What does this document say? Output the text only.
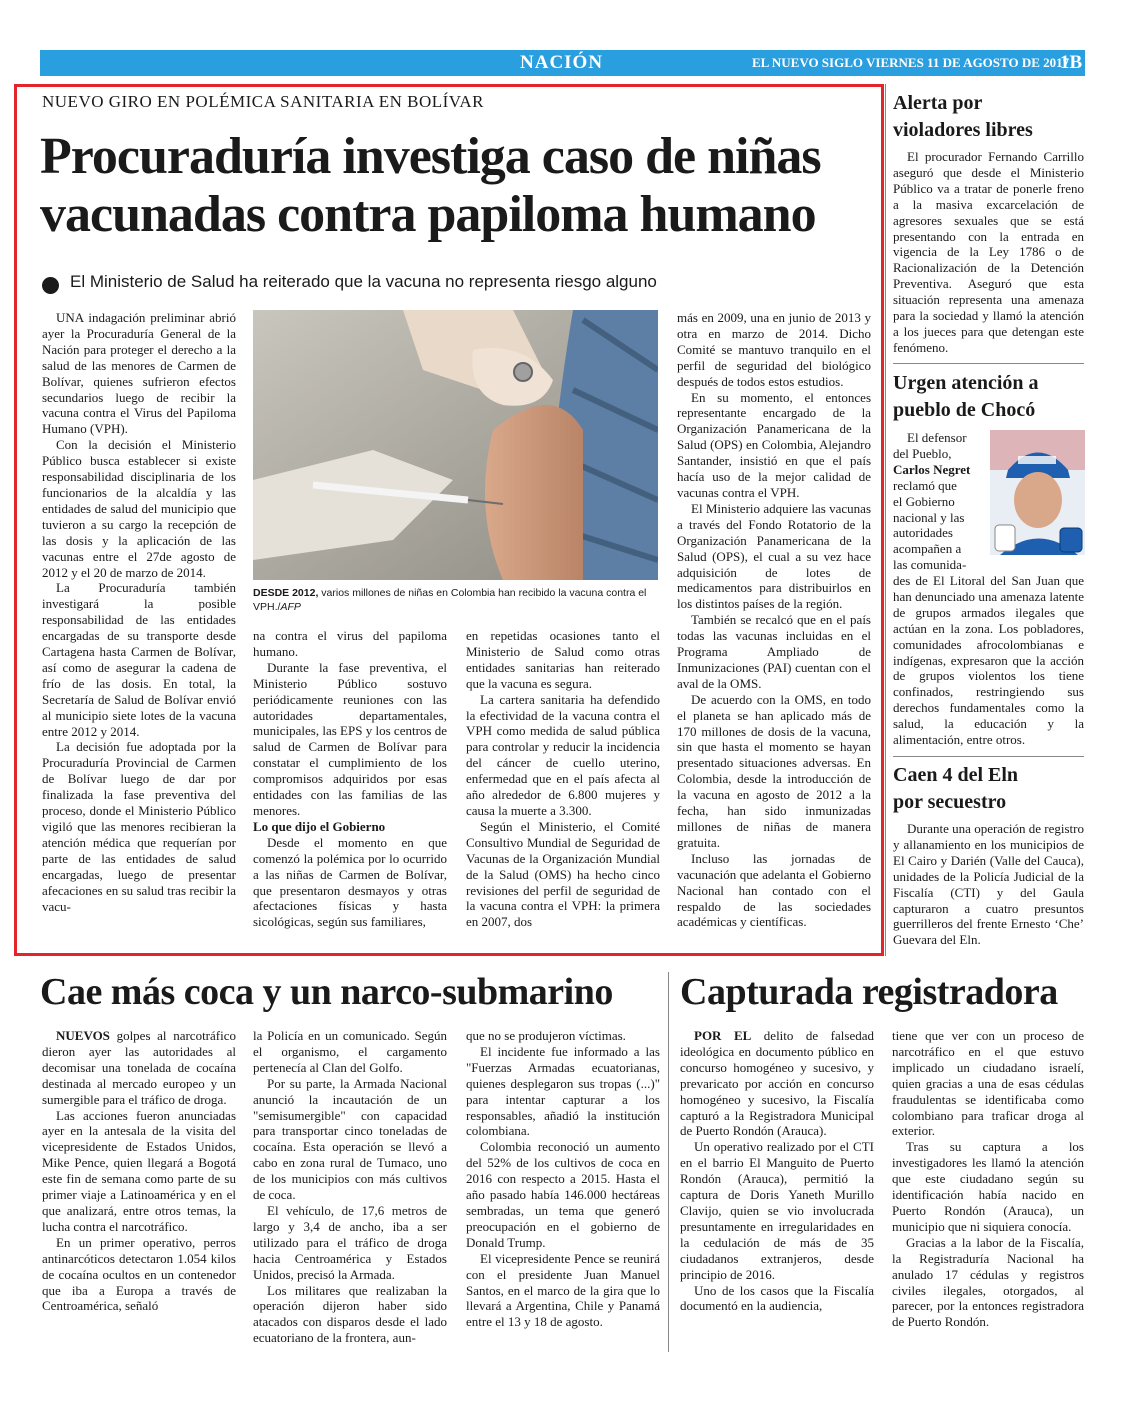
NACIÓN	EL NUEVO SIGLO VIERNES 11 DE AGOSTO DE 2017
1B
NUEVO GIRO EN POLÉMICA SANITARIA EN BOLÍVAR
Procuraduría investiga caso de niñas
vacunadas contra papiloma humano
El Ministerio de Salud ha reiterado que la vacuna no representa riesgo alguno

UNA indagación preliminar abrió ayer la Procuraduría General de la Nación para proteger el derecho a la salud de las menores de Carmen de Bolívar, quienes sufrieron efectos secundarios luego de recibir la vacuna contra el Virus del Papiloma Humano (VPH).

Con la decisión el Ministerio Público busca establecer si existe responsabilidad disciplinaria de los funcionarios de la alcaldía y las entidades de salud del municipio que tuvieron a su cargo la recepción de las dosis y la aplicación de las vacunas entre el 27de agosto de 2012 y el 20 de marzo de 2014.

La Procuraduría también investigará la posible responsabilidad de las entidades encargadas de su transporte desde Cartagena hasta Carmen de Bolívar, así como de asegurar la cadena de frío de las dosis. En total, la Secretaría de Salud de Bolívar envió al municipio siete lotes de la vacuna entre 2012 y 2014.

La decisión fue adoptada por la Procuraduría Provincial de Carmen de Bolívar luego de dar por finalizada la fase preventiva del proceso, donde el Ministerio Público vigiló que las menores recibieran la atención médica que requerían por parte de las entidades de salud encargadas, luego de presentar afecaciones en su salud tras recibir la vacu-

DESDE 2012, varios millones de niñas en Colombia han recibido la vacuna contra el VPH./AFP

na contra el virus del papiloma humano.

Durante la fase preventiva, el Ministerio Público sostuvo periódicamente reuniones con las autoridades departamentales, municipales, las EPS y los centros de salud de Carmen de Bolívar para constatar el cumplimiento de los compromisos adquiridos por esas entidades con las familias de las menores.

Lo que dijo el Gobierno

Desde el momento en que comenzó la polémica por lo ocurrido a las niñas de Carmen de Bolívar, que presentaron desmayos y otras afectaciones físicas y hasta sicológicas, según sus familiares,

en repetidas ocasiones tanto el Ministerio de Salud como otras entidades sanitarias han reiterado que la vacuna es segura.

La cartera sanitaria ha defendido la efectividad de la vacuna contra el VPH como medida de salud pública para controlar y reducir la incidencia del cáncer de cuello uterino, enfermedad que en el país afecta al año alrededor de 6.800 mujeres y causa la muerte a 3.300.

Según el Ministerio, el Comité Consultivo Mundial de Seguridad de Vacunas de la Organización Mundial de la Salud (OMS) ha hecho cinco revisiones del perfil de seguridad de la vacuna contra el VPH: la primera en 2007, dos

más en 2009, una en junio de 2013 y otra en marzo de 2014. Dicho Comité se mantuvo tranquilo en el perfil de seguridad del biológico después de todos estos estudios.

En su momento, el entonces representante encargado de la Organización Panamericana de la Salud (OPS) en Colombia, Alejandro Santander, insistió en que el país hacía uso de la mejor calidad de vacunas contra el VPH.

El Ministerio adquiere las vacunas a través del Fondo Rotatorio de la Organización Panamericana de la Salud (OPS), el cual a su vez hace adquisición de lotes de medicamentos para distribuirlos en los distintos países de la región.

También se recalcó que en el país todas las vacunas incluidas en el Programa Ampliado de Inmunizaciones (PAI) cuentan con el aval de la OMS.

De acuerdo con la OMS, en todo el planeta se han aplicado más de 170 millones de dosis de la vacuna, sin que hasta el momento se hayan presentado situaciones adversas. En Colombia, desde la introducción de la vacuna en agosto de 2012 a la fecha, han sido inmunizadas millones de niñas de manera gratuita.

Incluso las jornadas de vacunación que adelanta el Gobierno Nacional han contado con el respaldo de las sociedades académicas y científicas.

Alerta por
violadores libres

El procurador Fernando Carrillo aseguró que desde el Ministerio Público va a tratar de ponerle freno a la masiva excarcelación de agresores sexuales que se está presentando con la entrada en vigencia de la Ley 1786 o de Racionalización de la Detención Preventiva. Aseguró que esta situación representa una amenaza para la sociedad y llamó la atención a los jueces para que detengan este fenómeno.

Urgen atención a
pueblo de Chocó
El defensor
del Pueblo,
Carlos Negret
reclamó que
el Gobierno
nacional y las
autoridades
acompañen a
las comunida-

des de El Litoral del San Juan que han denunciado una amenaza latente de grupos armados ilegales que actúan en la zona. Los pobladores, comunidades afrocolombianas e indígenas, expresaron que la acción de grupos violentos los tiene confinados, restringiendo sus derechos fundamentales como la salud, la educación y la alimentación, entre otros.

Caen 4 del Eln
por secuestro

Durante una operación de registro y allanamiento en los municipios de El Cairo y Darién (Valle del Cauca), unidades de la Policía Judicial de la Fiscalía (CTI) y del Gaula capturaron a cuatro presuntos guerrilleros del frente Ernesto ‘Che’ Guevara del Eln.

Cae más coca y un narco-submarino

NUEVOS golpes al narcotráfico dieron ayer las autoridades al decomisar una tonelada de cocaína destinada al mercado europeo y un sumergible para el tráfico de droga.

Las acciones fueron anunciadas ayer en la antesala de la visita del vicepresidente de Estados Unidos, Mike Pence, quien llegará a Bogotá este fin de semana como parte de su primer viaje a Latinoamérica y en el que analizará, entre otros temas, la lucha contra el narcotráfico.

En un primer operativo, perros antinarcóticos detectaron 1.054 kilos de cocaína ocultos en un contenedor que iba a Europa a través de Centroamérica, señaló

la Policía en un comunicado. Según el organismo, el cargamento pertenecía al Clan del Golfo.

Por su parte, la Armada Nacional anunció la incautación de un "semisumergible" con capacidad para transportar cinco toneladas de cocaína. Esta operación se llevó a cabo en zona rural de Tumaco, uno de los municipios con más cultivos de coca.

El vehículo, de 17,6 metros de largo y 3,4 de ancho, iba a ser utilizado para el tráfico de droga hacia Centroamérica y Estados Unidos, precisó la Armada.

Los militares que realizaban la operación dijeron haber sido atacados con disparos desde el lado ecuatoriano de la frontera, aun-

que no se produjeron víctimas.

El incidente fue informado a las "Fuerzas Armadas ecuatorianas, quienes desplegaron sus tropas (...)" para intentar capturar a los responsables, añadió la institución colombiana.

Colombia reconoció un aumento del 52% de los cultivos de coca en 2016 con respecto a 2015. Hasta el año pasado había 146.000 hectáreas sembradas, un tema que generó preocupación en el gobierno de Donald Trump.

El vicepresidente Pence se reunirá con el presidente Juan Manuel Santos, en el marco de la gira que lo llevará a Argentina, Chile y Panamá entre el 13 y 18 de agosto.

Capturada registradora

POR EL delito de falsedad ideológica en documento público en concurso homogéneo y sucesivo, y prevaricato por acción en concurso homogéneo y sucesivo, la Fiscalía capturó a la Registradora Municipal de Puerto Rondón (Arauca).

Un operativo realizado por el CTI en el barrio El Manguito de Puerto Rondón (Arauca), permitió la captura de Doris Yaneth Murillo Clavijo, quien se vio involucrada presuntamente en irregularidades en la cedulación de más de 35 ciudadanos extranjeros, desde principio de 2016.

Uno de los casos que la Fiscalía documentó en la audiencia,

tiene que ver con un proceso de narcotráfico en el que estuvo implicado un ciudadano israelí, quien gracias a una de esas cédulas fraudulentas se identificaba como colombiano para traficar droga al exterior.

Tras su captura a los investigadores les llamó la atención que este ciudadano según su identificación había nacido en Puerto Rondón (Arauca), un municipio que ni siquiera conocía.

Gracias a la labor de la Fiscalía, la Registraduría Nacional ha anulado 17 cédulas y registros civiles ilegales, otorgados, al parecer, por la entonces registradora de Puerto Rondón.
